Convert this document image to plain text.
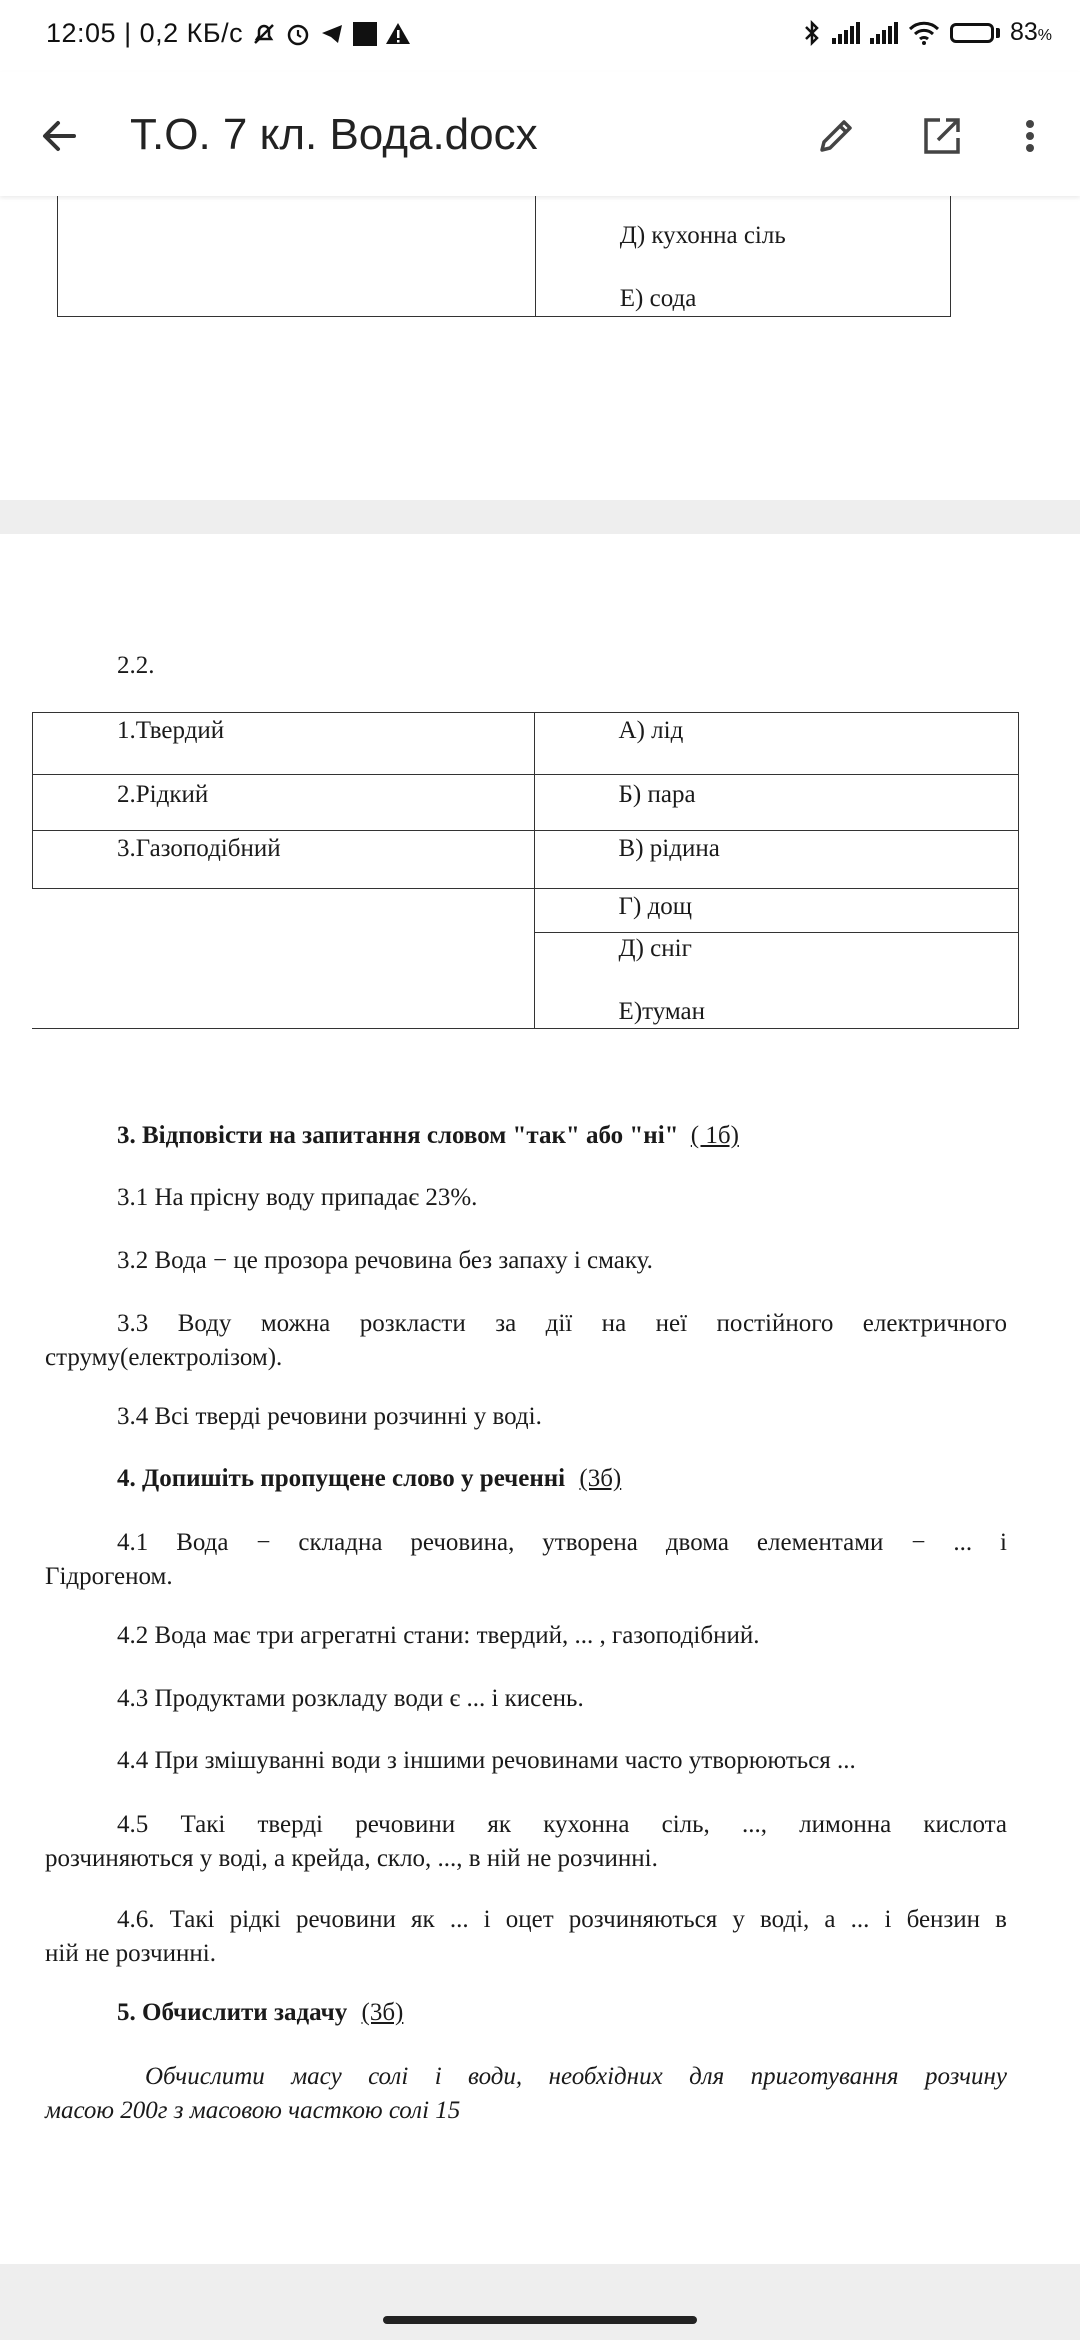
12:05 | 0,2 КБ/с	83%
Т.О. 7 кл. Вода.docx

Д) кухонна сіль
Е) сода
2.2.
1.Твердий	А) лід
2.Рідкий	Б) пара
3.Газоподібний	В) рідина
	Г) дощ

	Д) сніг
Е)туман
3. Відповісти на запитання словом "так" або "ні" ( 1б)
3.1 На прісну воду припадає 23%.
3.2 Вода − це прозора речовина без запаху і смаку.
3.3 Воду можна розкласти за дії на неї постійного електричного
струму(електролізом).
3.4 Всі тверді речовини розчинні у воді.
4. Допишіть пропущене слово у реченні (3б)
4.1 Вода − складна речовина, утворена двома елементами − ... і
Гідрогеном.
4.2 Вода має три агрегатні стани: твердий, ... , газоподібний.
4.3 Продуктами розкладу води є ... і кисень.
4.4 При змішуванні води з іншими речовинами часто утворюються ...
4.5 Такі тверді речовини як кухонна сіль, ..., лимонна кислота
розчиняються у воді, а крейда, скло, ..., в ній не розчинні.
4.6. Такі рідкі речовини як ... і оцет розчиняються у воді, а ... і бензин в
ній не розчинні.
5. Обчислити задачу (3б)
Обчислити масу солі і води, необхідних для приготування розчину
масою 200г з масовою часткою солі 15
